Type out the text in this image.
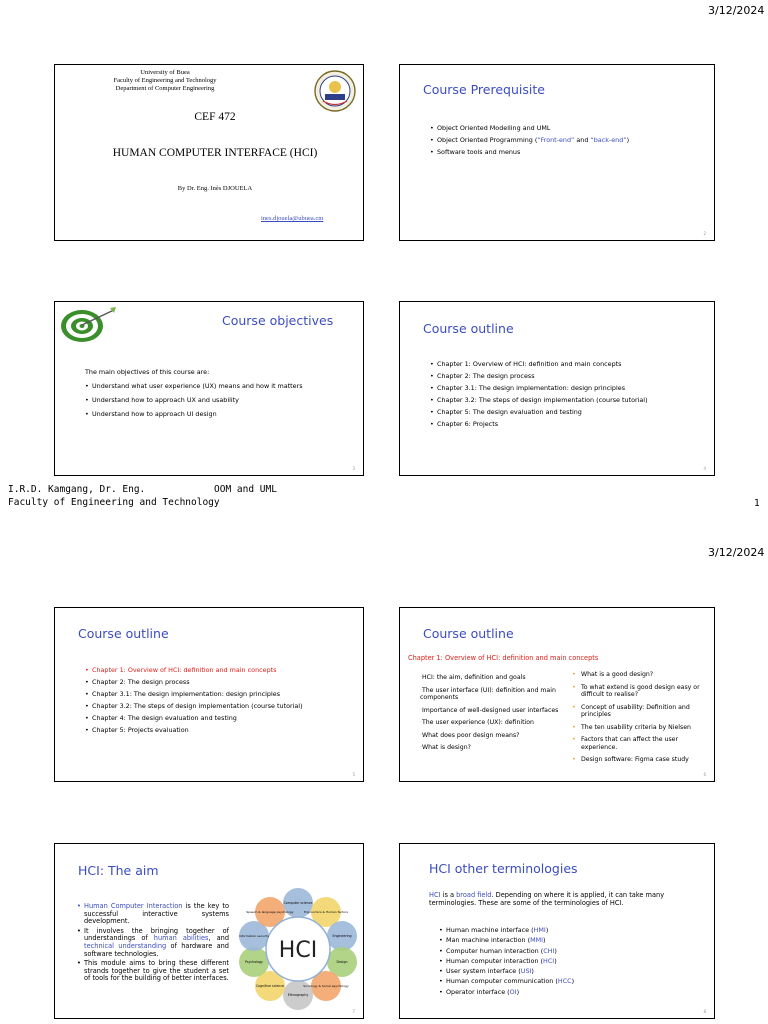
3/12/2024
University of Buea
Faculty of Engineering and Technology
Department of Computer Engineering
CEF 472
HUMAN COMPUTER INTERFACE (HCI)
By Dr. Eng. Inès DJOUELA
ines.djouela@ubuea.cm
Course Prerequisite
• Object Oriented Modelling and UML
• Object Oriented Programming (“Front-end” and “back-end”)
• Software tools and menus
2
Course objectives
The main objectives of this course are:
• Understand what user experience (UX) means and how it matters
• Understand how to approach UX and usability
• Understand how to approach UI design
3
Course outline
• Chapter 1: Overview of HCI: definition and main concepts
• Chapter 2: The design process
• Chapter 3.1: The design implementation: design principles
• Chapter 3.2: The steps of design implementation (course tutorial)
• Chapter 5: The design evaluation and testing
• Chapter 6: Projects
4
I.R.D. Kamgang, Dr. Eng.	OOM and UML
Faculty of Engineering and Technology	1
3/12/2024
Course outline
• Chapter 1: Overview of HCI: definition and main concepts
• Chapter 2: The design process
• Chapter 3.1: The design implementation: design principles
• Chapter 3.2: The steps of design implementation (course tutorial)
• Chapter 4: The design evaluation and testing
• Chapter 5: Projects evaluation
5
Course outline
Chapter 1: Overview of HCI: definition and main concepts
·HCI: the aim, definition and goals
·The user interface (UI): definition and main components
·Importance of well-designed user interfaces
·The user experience (UX): definition
·What does poor design means?
·What is design?
• What is a good design?
• To what extend is good design easy or difficult to realise?
• Concept of usability: Definition and principles
• The ten usability criteria by Nielsen
• Factors that can affect the user experience.
• Design software: Figma case study
6
HCI: The aim
• Human Computer Interaction is the key to successful interactive systems development.
• It involves the bringing together of understandings of human abilities, and technical understanding of hardware and software technologies.
• This module aims to bring these different strands together to give the student a set of tools for the building of better interfaces.
HCI
Computer science
Ergonomics & Human factors
Engineering
Design
Sociology & Social psychology
Ethnography
Cognitive science
Psychology
Information security
Speech & language psychology
7
HCI other terminologies
HCI is a broad field. Depending on where it is applied, it can take many terminologies. These are some of the terminologies of HCI.
• Human machine interface (HMI)
• Man machine interaction (MMI)
• Computer human interaction (CHI)
• Human computer interaction (HCI)
• User system interface (USI)
• Human computer communication (HCC)
• Operator interface (OI)
8
